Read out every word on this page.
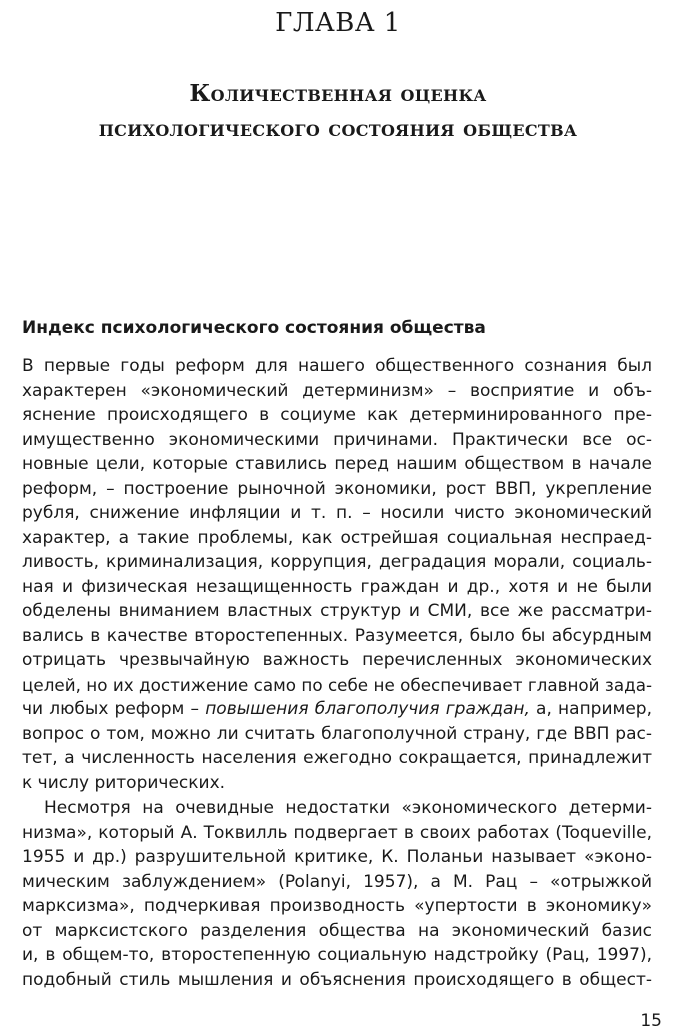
ГЛАВА 1
Количественная оценка
психологического состояния общества
Индекс психологического состояния общества
В первые годы реформ для нашего общественного сознания был
характерен «экономический детерминизм» – восприятие и объ-
яснение происходящего в социуме как детерминированного пре-
имущественно экономическими причинами. Практически все ос-
новные цели, которые ставились перед нашим обществом в начале
реформ, – построение рыночной экономики, рост ВВП, укрепление
рубля, снижение инфляции и т. п. – носили чисто экономический
характер, а такие проблемы, как острейшая социальная неспраед-
ливость, криминализация, коррупция, деградация морали, социаль-
ная и физическая незащищенность граждан и др., хотя и не были
обделены вниманием властных структур и СМИ, все же рассматри-
вались в качестве второстепенных. Разумеется, было бы абсурдным
отрицать чрезвычайную важность перечисленных экономических
целей, но их достижение само по себе не обеспечивает главной зада-
чи любых реформ – повышения благополучия граждан, а, например,
вопрос о том, можно ли считать благополучной страну, где ВВП рас-
тет, а численность населения ежегодно сокращается, принадлежит
к числу риторических.
Несмотря на очевидные недостатки «экономического детерми-
низма», который А. Токвилль подвергает в своих работах (Toqueville,
1955 и др.) разрушительной критике, К. Поланьи называет «эконо-
мическим заблуждением» (Polanyi, 1957), а М. Рац – «отрыжкой
марксизма», подчеркивая производность «упертости в экономику»
от марксистского разделения общества на экономический базис
и, в общем-то, второстепенную социальную надстройку (Рац, 1997),
подобный стиль мышления и объяснения происходящего в общест-
15
